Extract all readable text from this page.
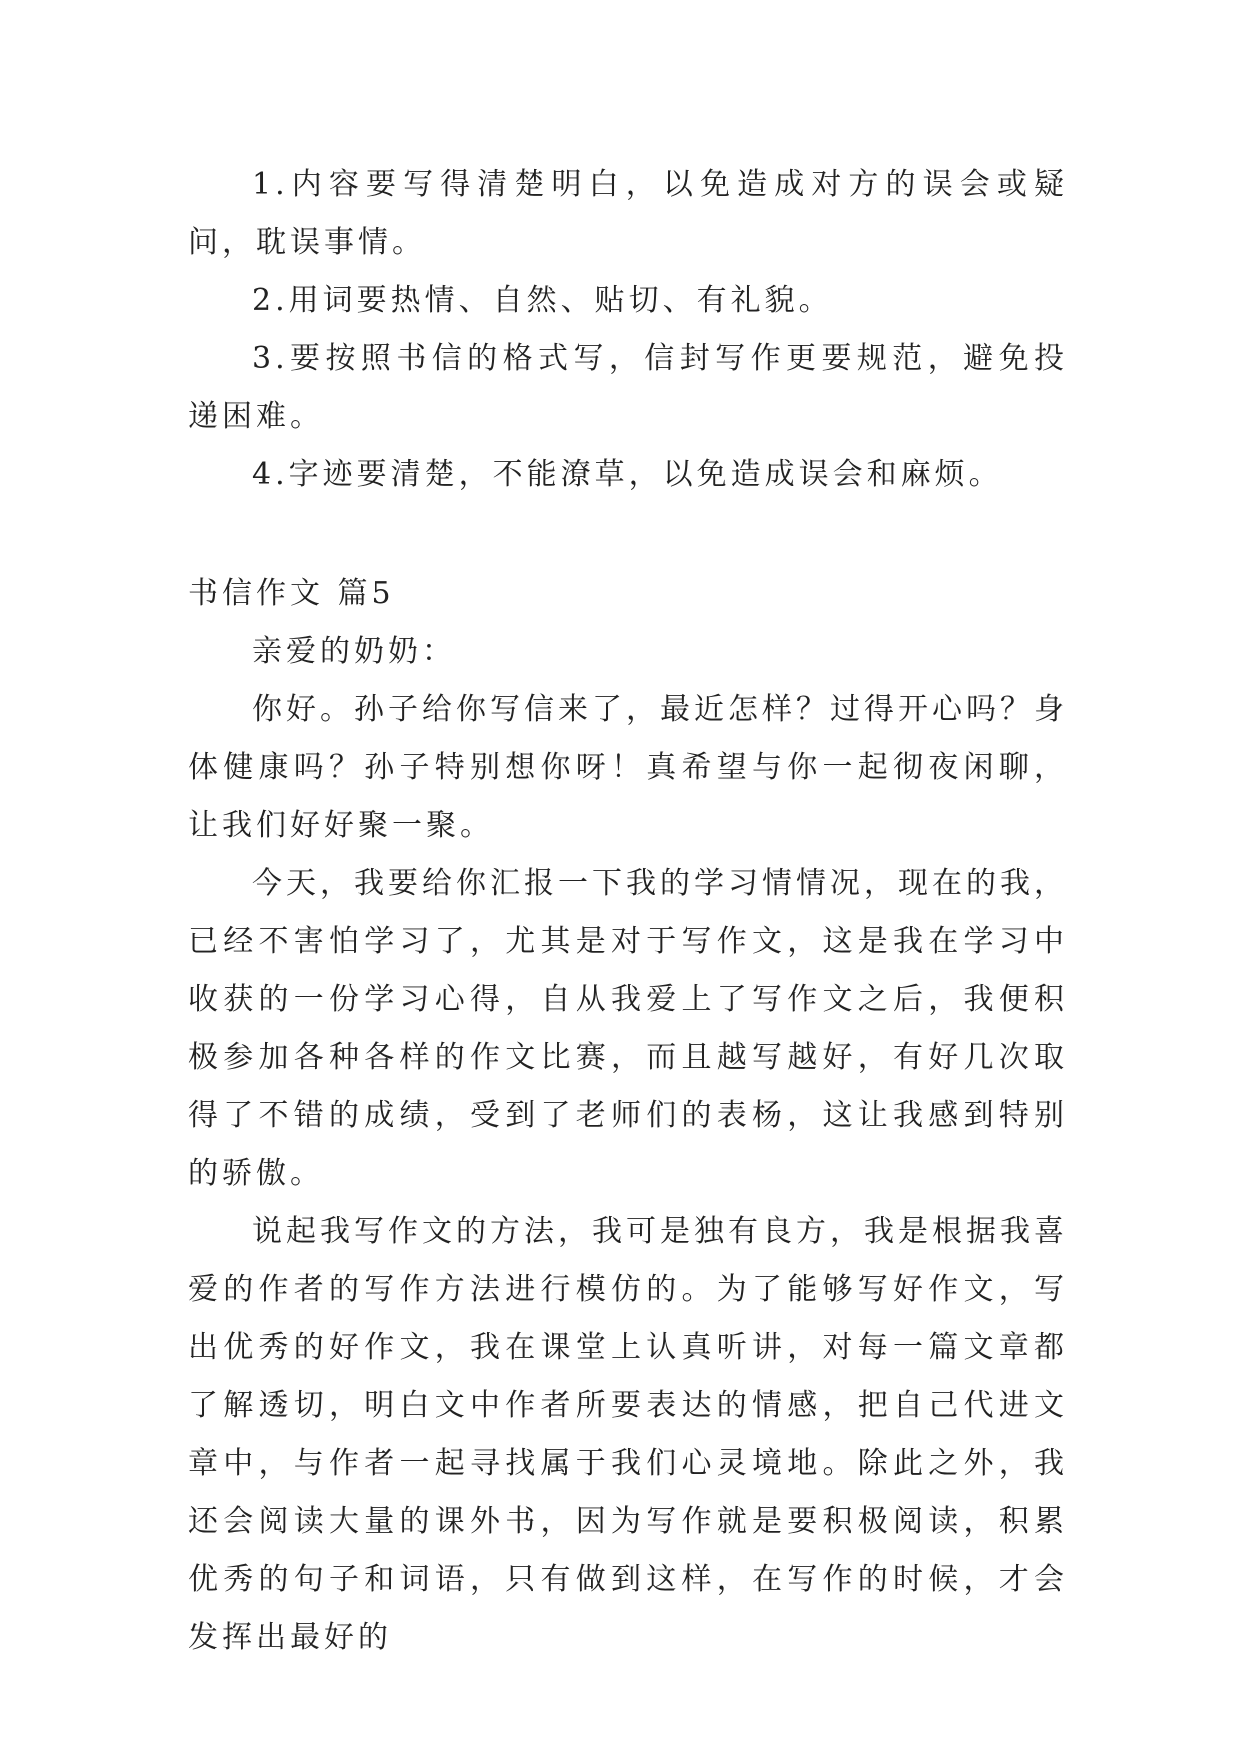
1.内容要写得清楚明白，以免造成对方的误会或疑问，耽误事情。

2.用词要热情、自然、贴切、有礼貌。

3.要按照书信的格式写，信封写作更要规范，避免投递困难。

4.字迹要清楚，不能潦草，以免造成误会和麻烦。

书信作文 篇5

亲爱的奶奶：

你好。孙子给你写信来了，最近怎样？过得开心吗？身体健康吗？孙子特别想你呀！真希望与你一起彻夜闲聊，让我们好好聚一聚。

今天，我要给你汇报一下我的学习情情况，现在的我，已经不害怕学习了，尤其是对于写作文，这是我在学习中收获的一份学习心得，自从我爱上了写作文之后，我便积极参加各种各样的作文比赛，而且越写越好，有好几次取得了不错的成绩，受到了老师们的表杨，这让我感到特别的骄傲。

说起我写作文的方法，我可是独有良方，我是根据我喜爱的作者的写作方法进行模仿的。为了能够写好作文，写出优秀的好作文，我在课堂上认真听讲，对每一篇文章都了解透切，明白文中作者所要表达的情感，把自己代进文章中，与作者一起寻找属于我们心灵境地。除此之外，我还会阅读大量的课外书，因为写作就是要积极阅读，积累优秀的句子和词语，只有做到这样，在写作的时候，才会发挥出最好的
